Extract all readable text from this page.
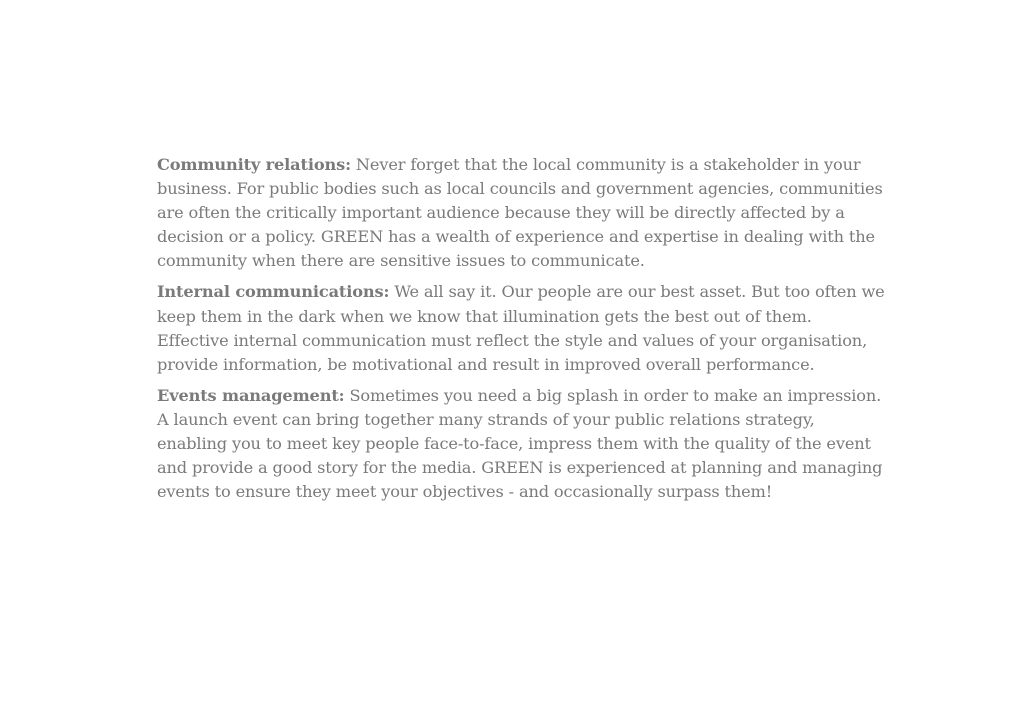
Community relations: Never forget that the local community is a stakeholder in your business. For public bodies such as local councils and government agencies, communities are often the critically important audience because they will be directly affected by a decision or a policy. GREEN has a wealth of experience and expertise in dealing with the community when there are sensitive issues to communicate.

Internal communications: We all say it. Our people are our best asset. But too often we keep them in the dark when we know that illumination gets the best out of them. Effective internal communication must reflect the style and values of your organisation, provide information, be motivational and result in improved overall performance.

Events management: Sometimes you need a big splash in order to make an impression. A launch event can bring together many strands of your public relations strategy, enabling you to meet key people face-to-face, impress them with the quality of the event and provide a good story for the media. GREEN is experienced at planning and managing events to ensure they meet your objectives - and occasionally surpass them!
